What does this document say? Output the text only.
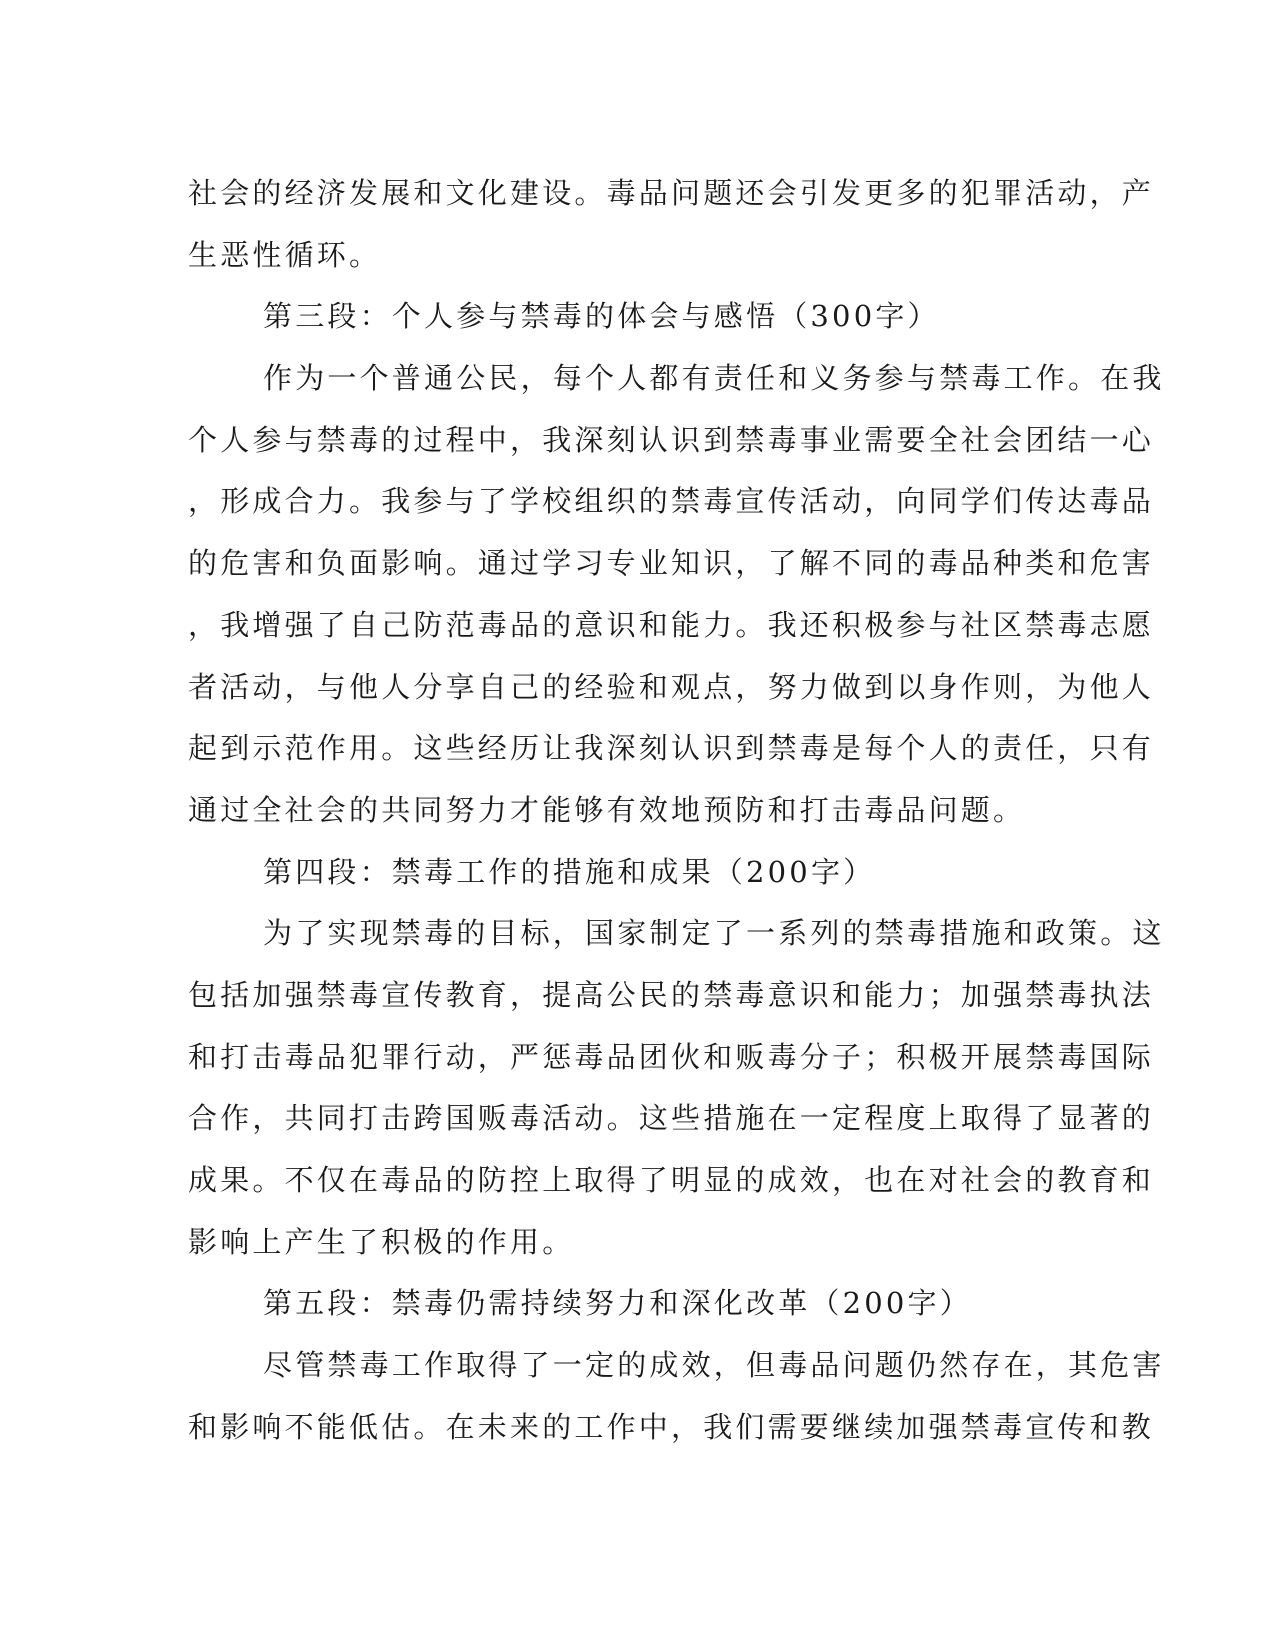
社会的经济发展和文化建设。毒品问题还会引发更多的犯罪活动，产
生恶性循环。
第三段：个人参与禁毒的体会与感悟（300字）
作为一个普通公民，每个人都有责任和义务参与禁毒工作。在我
个人参与禁毒的过程中，我深刻认识到禁毒事业需要全社会团结一心
，形成合力。我参与了学校组织的禁毒宣传活动，向同学们传达毒品
的危害和负面影响。通过学习专业知识，了解不同的毒品种类和危害
，我增强了自己防范毒品的意识和能力。我还积极参与社区禁毒志愿
者活动，与他人分享自己的经验和观点，努力做到以身作则，为他人
起到示范作用。这些经历让我深刻认识到禁毒是每个人的责任，只有
通过全社会的共同努力才能够有效地预防和打击毒品问题。
第四段：禁毒工作的措施和成果（200字）
为了实现禁毒的目标，国家制定了一系列的禁毒措施和政策。这
包括加强禁毒宣传教育，提高公民的禁毒意识和能力；加强禁毒执法
和打击毒品犯罪行动，严惩毒品团伙和贩毒分子；积极开展禁毒国际
合作，共同打击跨国贩毒活动。这些措施在一定程度上取得了显著的
成果。不仅在毒品的防控上取得了明显的成效，也在对社会的教育和
影响上产生了积极的作用。
第五段：禁毒仍需持续努力和深化改革（200字）
尽管禁毒工作取得了一定的成效，但毒品问题仍然存在，其危害
和影响不能低估。在未来的工作中，我们需要继续加强禁毒宣传和教
